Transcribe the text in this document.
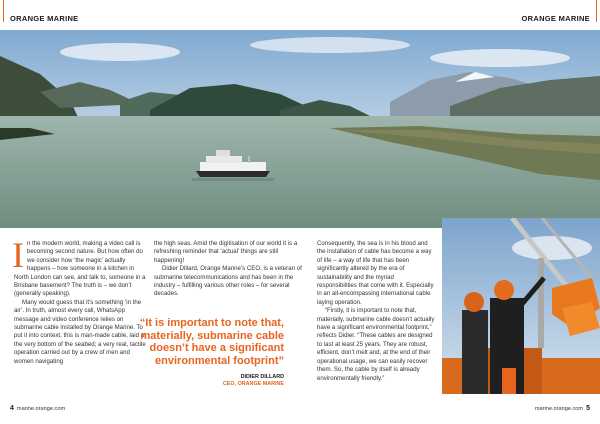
ORANGE MARINE	ORANGE MARINE

In the modern world, making a video call is becoming second nature. But how often do we consider how ‘the magic’ actually happens – how someone in a kitchen in North London can see, and talk to, someone in a Brisbane basement? The truth is – we don’t (generally speaking).

Many would guess that it’s something ‘in the air’. In truth, almost every call, WhatsApp message and video conference relies on submarine cable installed by Orange Marine. To put it into context, this is man-made cable, laid at the very bottom of the seabed; a very real, tactile operation carried out by a crew of men and women navigating

the high seas. Amid the digitisation of our world it is a refreshing reminder that ‘actual’ things are still happening!

Didier Dillard, Orange Marine’s CEO, is a veteran of submarine telecommunications and has been in the industry – fulfilling various other roles – for several decades.

“It is important to note that, materially, submarine cable doesn’t have a significant environmental footprint”
DIDIER DILLARD
CEO, ORANGE MARINE

Consequently, the sea is in his blood and the installation of cable has become a way of life – a way of life that has been significantly altered by the era of sustainability and the myriad responsibilities that come with it. Especially in an all-encompassing international cable laying operation.

“Firstly, it is important to note that, materially, submarine cable doesn’t actually have a significant environmental footprint,” reflects Didier. “These cables are designed to last at least 25 years. They are robust, efficient, don’t melt and, at the end of their operational usage, we can easily recover them. So, the cable by itself is already environmentally friendly.”

4 marine.orange.com	marine.orange.com 5
